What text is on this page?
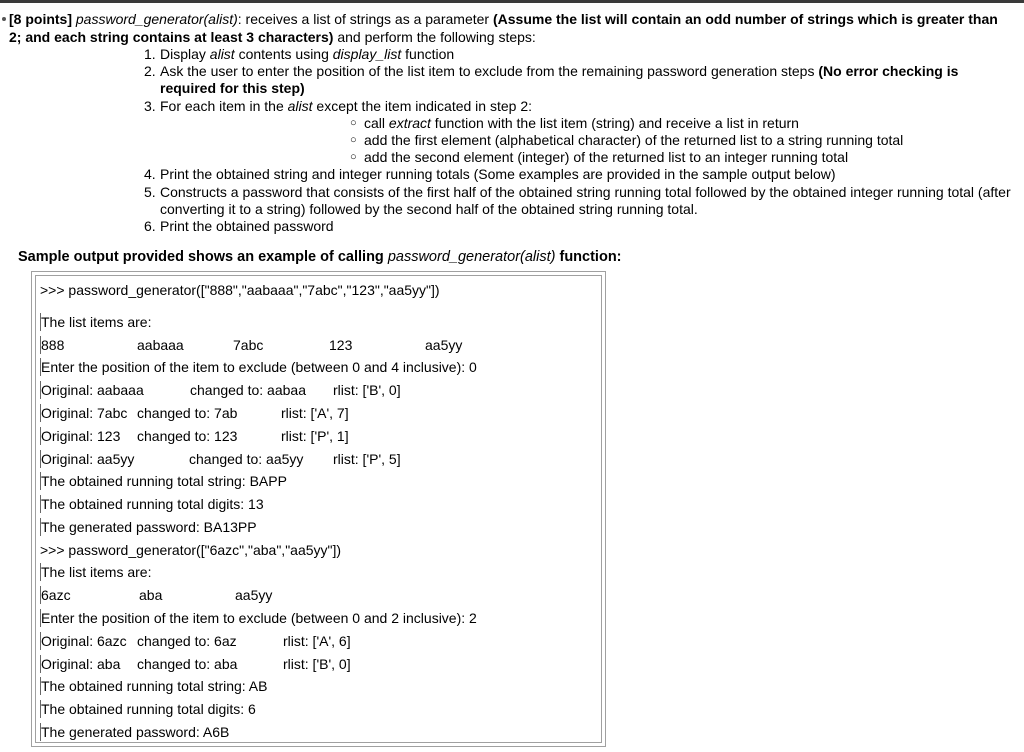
[8 points] password_generator(alist): receives a list of strings as a parameter (Assume the list will contain an odd number of strings which is greater than 2; and each string contains at least 3 characters) and perform the following steps:
1. Display alist contents using display_list function
2. Ask the user to enter the position of the list item to exclude from the remaining password generation steps (No error checking is required for this step)
3. For each item in the alist except the item indicated in step 2:
○ call extract function with the list item (string) and receive a list in return
○ add the first element (alphabetical character) of the returned list to a string running total
○ add the second element (integer) of the returned list to an integer running total
4. Print the obtained string and integer running totals (Some examples are provided in the sample output below)
5. Constructs a password that consists of the first half of the obtained string running total followed by the obtained integer running total (after converting it to a string) followed by the second half of the obtained string running total.
6. Print the obtained password
Sample output provided shows an example of calling password_generator(alist) function:
>>> password_generator(["888","aabaaa","7abc","123","aa5yy"])
The list items are:
888	aabaaa	7abc	123	aa5yy
Enter the position of the item to exclude (between 0 and 4 inclusive): 0
Original: aabaaa	changed to: aabaa rlist: ['B', 0]
Original: 7abc changed to: 7ab	rlist: ['A', 7]
Original: 123 changed to: 123	rlist: ['P', 1]
Original: aa5yy	changed to: aa5yy rlist: ['P', 5]
The obtained running total string: BAPP
The obtained running total digits: 13
The generated password: BA13PP
>>> password_generator(["6azc","aba","aa5yy"])
The list items are:
6azc	aba	aa5yy
Enter the position of the item to exclude (between 0 and 2 inclusive): 2
Original: 6azc changed to: 6az	rlist: ['A', 6]
Original: aba changed to: aba	rlist: ['B', 0]
The obtained running total string: AB
The obtained running total digits: 6
The generated password: A6B
